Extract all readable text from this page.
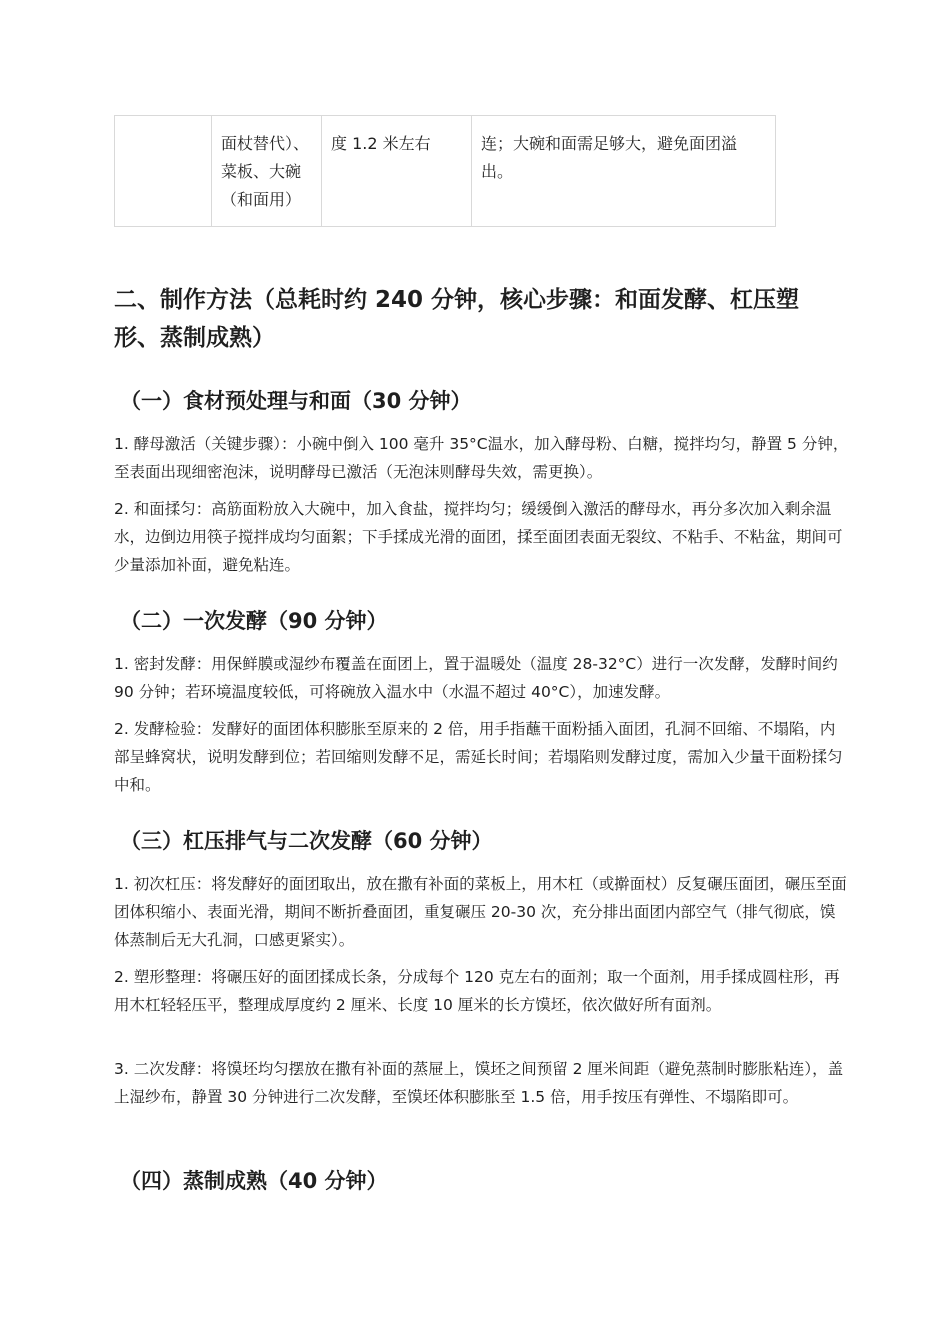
	面杖替代）、菜板、大碗（和面用）	度 1.2 米左右	连；大碗和面需足够大，避免面团溢出。
二、制作方法（总耗时约 240 分钟，核心步骤：和面发酵、杠压塑形、蒸制成熟）
（一）食材预处理与和面（30 分钟）

1. 酵母激活（关键步骤）：小碗中倒入 100 毫升 35°C温水，加入酵母粉、白糖，搅拌均匀，静置 5 分钟，至表面出现细密泡沫，说明酵母已激活（无泡沫则酵母失效，需更换）。

2. 和面揉匀：高筋面粉放入大碗中，加入食盐，搅拌均匀；缓缓倒入激活的酵母水，再分多次加入剩余温水，边倒边用筷子搅拌成均匀面絮；下手揉成光滑的面团，揉至面团表面无裂纹、不粘手、不粘盆，期间可少量添加补面，避免粘连。

（二）一次发酵（90 分钟）

1. 密封发酵：用保鲜膜或湿纱布覆盖在面团上，置于温暖处（温度 28-32°C）进行一次发酵，发酵时间约 90 分钟；若环境温度较低，可将碗放入温水中（水温不超过 40°C），加速发酵。

2. 发酵检验：发酵好的面团体积膨胀至原来的 2 倍，用手指蘸干面粉插入面团，孔洞不回缩、不塌陷，内部呈蜂窝状，说明发酵到位；若回缩则发酵不足，需延长时间；若塌陷则发酵过度，需加入少量干面粉揉匀中和。

（三）杠压排气与二次发酵（60 分钟）

1. 初次杠压：将发酵好的面团取出，放在撒有补面的菜板上，用木杠（或擀面杖）反复碾压面团，碾压至面团体积缩小、表面光滑，期间不断折叠面团，重复碾压 20-30 次，充分排出面团内部空气（排气彻底，馍体蒸制后无大孔洞，口感更紧实）。

2. 塑形整理：将碾压好的面团揉成长条，分成每个 120 克左右的面剂；取一个面剂，用手揉成圆柱形，再用木杠轻轻压平，整理成厚度约 2 厘米、长度 10 厘米的长方馍坯，依次做好所有面剂。

3. 二次发酵：将馍坯均匀摆放在撒有补面的蒸屉上，馍坯之间预留 2 厘米间距（避免蒸制时膨胀粘连），盖上湿纱布，静置 30 分钟进行二次发酵，至馍坯体积膨胀至 1.5 倍，用手按压有弹性、不塌陷即可。

（四）蒸制成熟（40 分钟）
